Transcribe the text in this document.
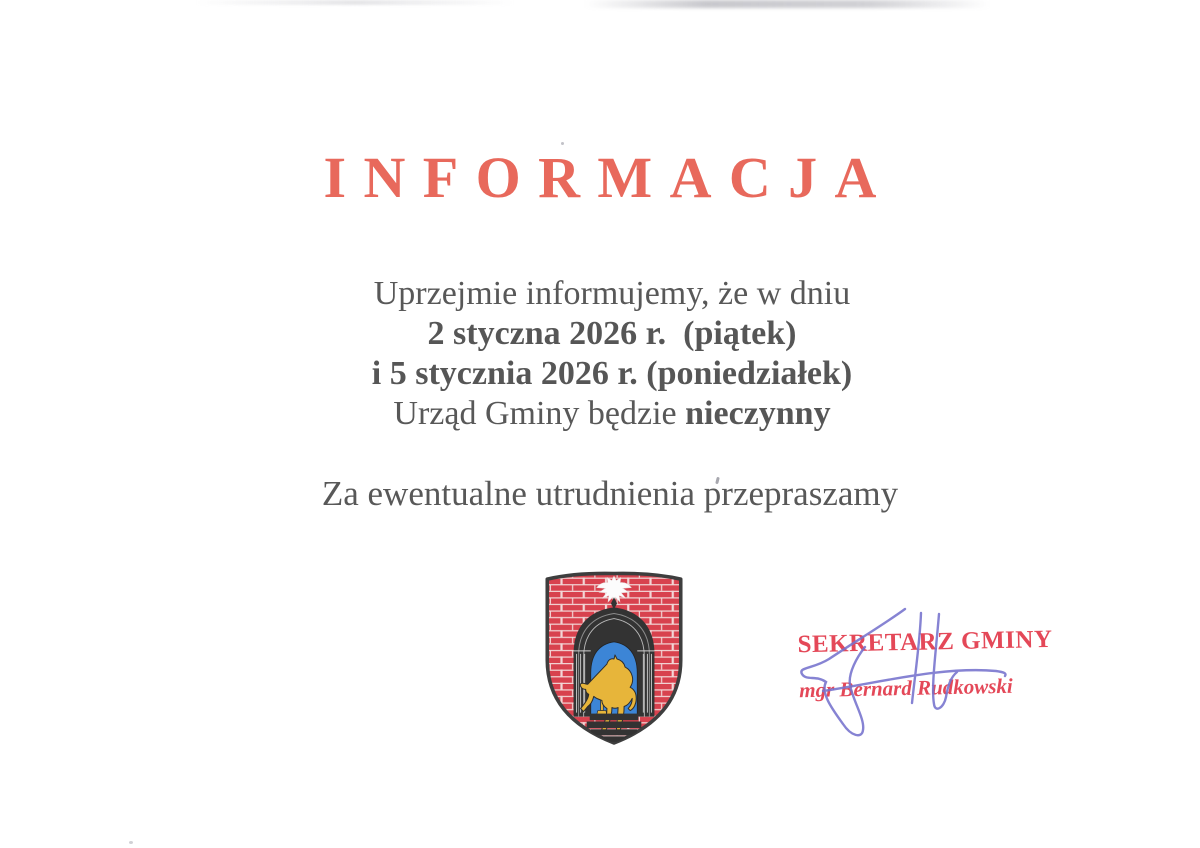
INFORMACJA
Uprzejmie informujemy, że w dniu
2 styczna 2026 r.  (piątek)
i 5 stycznia 2026 r. (poniedziałek)
Urząd Gminy będzie nieczynny
Za ewentualne utrudnienia przepraszamy
SEKRETARZ GMINY
mgr Bernard Rudkowski
